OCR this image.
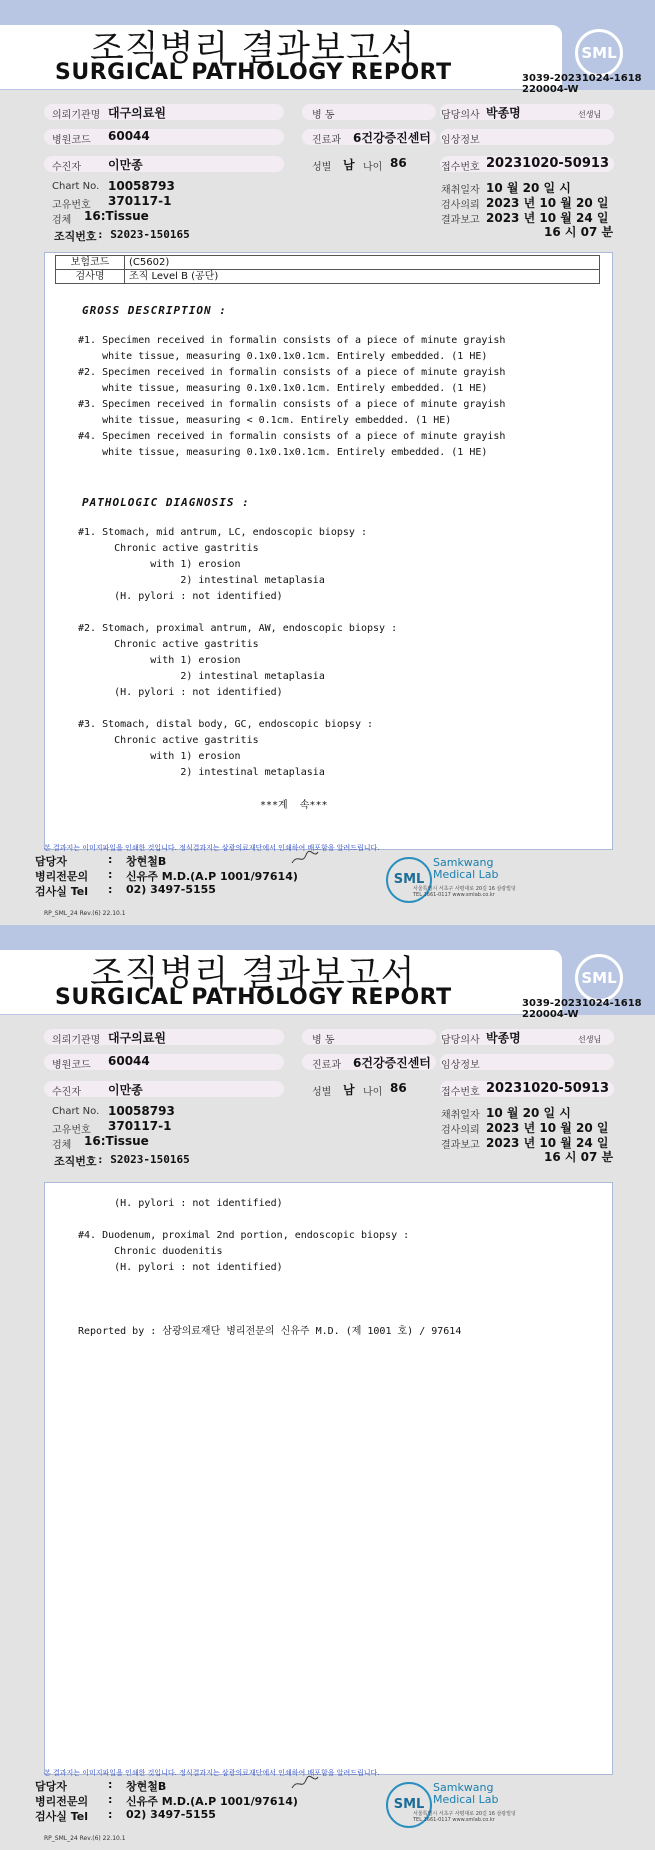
조직병리 결과보고서
SURGICAL PATHOLOGY REPORT
SML
3039-20231024-1618
220004-W
의뢰기관명 대구의료원	병 동	담당의사 박종명	선생님
병원코드 60044	진료과 6건강증진센터 임상정보
수진자 이만종	성별 남 나이 86	접수번호 20231020-50913
Chart No. 10058793
고유번호 370117-1
검체 16:Tissue
조직번호 : S2023-150165
채취일자 10 월 20 일 시
검사의뢰 2023 년 10 월 20 일
결과보고 2023 년 10 월 24 일
16 시 07 분
보험코드	(C5602)
검사명	조직 Level B (공단)
GROSS DESCRIPTION :
#1. Specimen received in formalin consists of a piece of minute grayish
white tissue, measuring 0.1x0.1x0.1cm. Entirely embedded. (1 HE)
#2. Specimen received in formalin consists of a piece of minute grayish
white tissue, measuring 0.1x0.1x0.1cm. Entirely embedded. (1 HE)
#3. Specimen received in formalin consists of a piece of minute grayish
white tissue, measuring < 0.1cm. Entirely embedded. (1 HE)
#4. Specimen received in formalin consists of a piece of minute grayish
white tissue, measuring 0.1x0.1x0.1cm. Entirely embedded. (1 HE)
PATHOLOGIC DIAGNOSIS :
#1. Stomach, mid antrum, LC, endoscopic biopsy :
Chronic active gastritis
with 1) erosion
2) intestinal metaplasia
(H. pylori : not identified)

#2. Stomach, proximal antrum, AW, endoscopic biopsy :
Chronic active gastritis
with 1) erosion
2) intestinal metaplasia
(H. pylori : not identified)

#3. Stomach, distal body, GC, endoscopic biopsy :
Chronic active gastritis
with 1) erosion
2) intestinal metaplasia
***계  속***
본 결과지는 이미지파일을 인쇄한 것입니다. 정식결과지는 삼광의료재단에서 인쇄하여 배포함을 알려드립니다.
담당자	: 창현철B
병리전문의 : 신유주 M.D.(A.P 1001/97614)
검사실 Tel : 02) 3497-5155
RP_SML_24 Rev.(6) 22.10.1
SML
Samkwang
Medical Lab
서울특별시 서초구 사평대로 20길 16 삼광빌딩
TEL 1661-0117 www.smlab.co.kr
조직병리 결과보고서
SURGICAL PATHOLOGY REPORT
SML
3039-20231024-1618
220004-W
의뢰기관명 대구의료원	병 동	담당의사 박종명	선생님
병원코드 60044	진료과 6건강증진센터 임상정보
수진자 이만종	성별 남 나이 86	접수번호 20231020-50913
Chart No. 10058793
고유번호 370117-1
검체 16:Tissue
조직번호 : S2023-150165
채취일자 10 월 20 일 시
검사의뢰 2023 년 10 월 20 일
결과보고 2023 년 10 월 24 일
16 시 07 분
(H. pylori : not identified)

#4. Duodenum, proximal 2nd portion, endoscopic biopsy :
Chronic duodenitis
(H. pylori : not identified)

Reported by : 삼광의료재단 병리전문의 신유주 M.D. (제 1001 호) / 97614
본 결과지는 이미지파일을 인쇄한 것입니다. 정식결과지는 삼광의료재단에서 인쇄하여 배포함을 알려드립니다.
담당자	: 창현철B
병리전문의 : 신유주 M.D.(A.P 1001/97614)
검사실 Tel : 02) 3497-5155
RP_SML_24 Rev.(6) 22.10.1
SML
Samkwang
Medical Lab
서울특별시 서초구 사평대로 20길 16 삼광빌딩
TEL 1661-0117 www.smlab.co.kr
